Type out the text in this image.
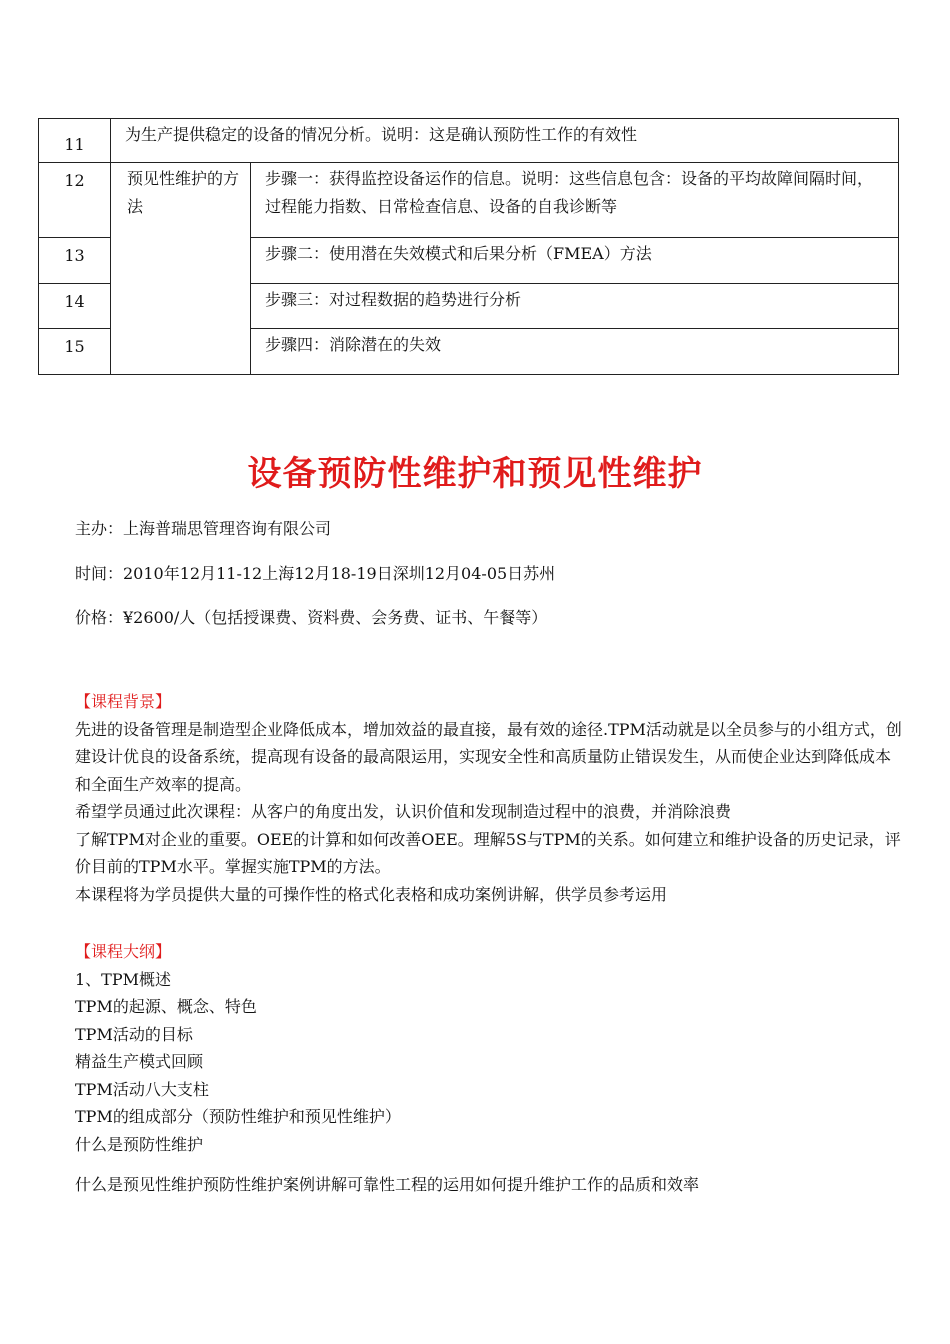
11	为生产提供稳定的设备的情况分析。说明：这是确认预防性工作的有效性	

12	预见性维护的方法	步骤一：获得监控设备运作的信息。说明：这些信息包含：设备的平均故障间隔时间，过程能力指数、日常检查信息、设备的自我诊断等

13		步骤二：使用潜在失效模式和后果分析（FMEA）方法

14		步骤三：对过程数据的趋势进行分析

15		步骤四：消除潜在的失效
设备预防性维护和预见性维护
主办：上海普瑞思管理咨询有限公司
时间：2010年12月11-12上海12月18-19日深圳12月04-05日苏州
价格：¥2600/人（包括授课费、资料费、会务费、证书、午餐等）

【课程背景】

先进的设备管理是制造型企业降低成本，增加效益的最直接，最有效的途径.TPM活动就是以全员参与的小组方式，创建设计优良的设备系统，提高现有设备的最高限运用，实现安全性和高质量防止错误发生，从而使企业达到降低成本和全面生产效率的提高。

希望学员通过此次课程：从客户的角度出发，认识价值和发现制造过程中的浪费，并消除浪费

了解TPM对企业的重要。OEE的计算和如何改善OEE。理解5S与TPM的关系。如何建立和维护设备的历史记录，评价目前的TPM水平。掌握实施TPM的方法。

本课程将为学员提供大量的可操作性的格式化表格和成功案例讲解，供学员参考运用

【课程大纲】

1、TPM概述

TPM的起源、概念、特色

TPM活动的目标

精益生产模式回顾

TPM活动八大支柱

TPM的组成部分（预防性维护和预见性维护）

什么是预防性维护

什么是预见性维护预防性维护案例讲解可靠性工程的运用如何提升维护工作的品质和效率
